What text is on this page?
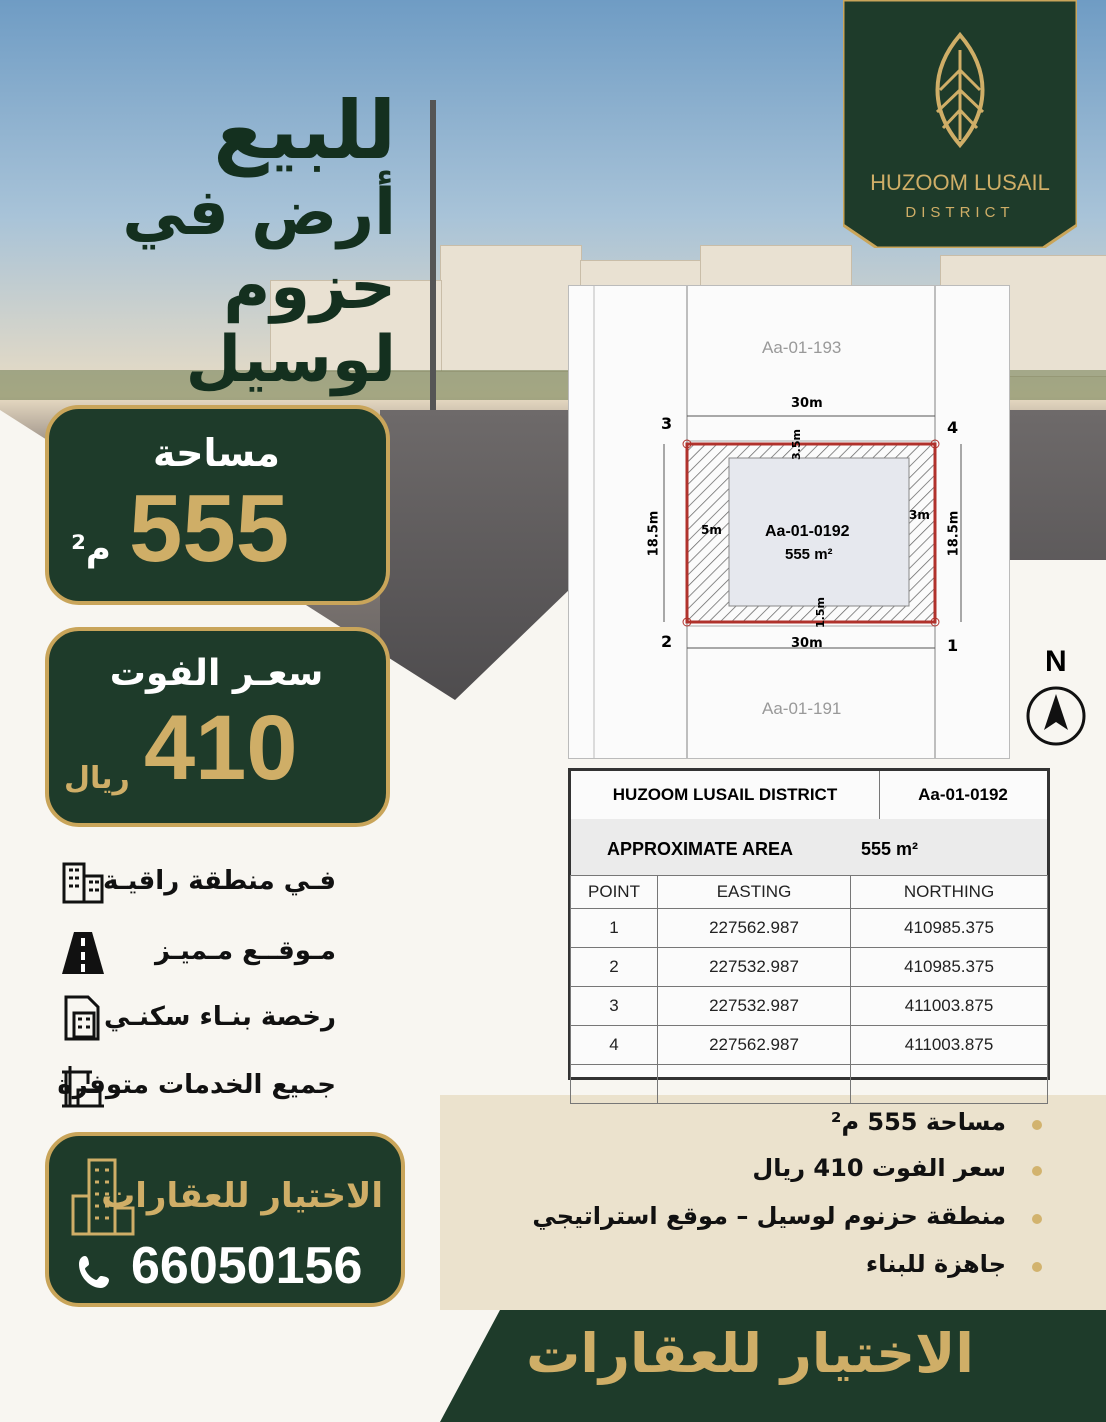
للبيع
أرض في
حزوم لوسيل
HUZOOM LUSAIL
DISTRICT
مساحة
555
م²
سعـر الفوت
410
ريال
فـي منطقة راقيـة
مـوقــع مـميـز
رخصة بنـاء سكنـي
جميع الخدمات متوفرة
الاختيار للعقارات
66050156
Aa-01-193
Aa-01-191
30m
30m
18.5m	18.5m
3.5m
5m
3m
1.5m
Aa-01-0192
555 m²
3	4
2	1	N
HUZOOM LUSAIL DISTRICT	Aa-01-0192
APPROXIMATE AREA	555 m²
POINT	EASTING	NORTHING
1	227562.987	410985.375
2	227532.987	410985.375
3	227532.987	411003.875
4	227562.987	411003.875

مساحة 555 م²
سعر الفوت 410 ريال
منطقة حزنوم لوسيل – موقع استراتيجي
جاهزة للبناء
الاختيار للعقارات
